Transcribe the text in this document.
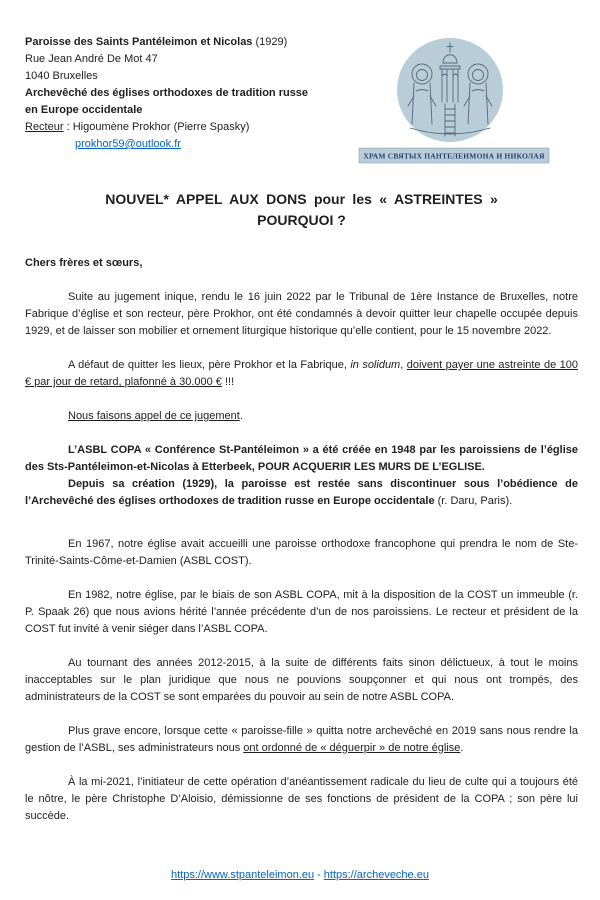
ХРАМ СВЯТЫХ ПАНТЕЛЕИМОНА И НИКОЛАЯ
Paroisse des Saints Pantéleimon et Nicolas (1929)
Rue Jean André De Mot 47
1040 Bruxelles
Archevêché des églises orthodoxes de tradition russe
en Europe occidentale
Recteur : Higoumène Prokhor (Pierre Spasky)
prokhor59@outlook.fr
NOUVEL* APPEL AUX DONS pour les « ASTREINTES »
POURQUOI ?

Chers frères et sœurs,

Suite au jugement inique, rendu le 16 juin 2022 par le Tribunal de 1ère Instance de Bruxelles, notre Fabrique d’église et son recteur, père Prokhor, ont été condamnés à devoir quitter leur chapelle occupée depuis 1929, et de laisser son mobilier et ornement liturgique historique qu’elle contient, pour le 15 novembre 2022.

A défaut de quitter les lieux, père Prokhor et la Fabrique, in solidum, doivent payer une astreinte de 100 € par jour de retard, plafonné à 30.000 € !!!

Nous faisons appel de ce jugement.

L’ASBL COPA « Conférence St-Pantéleimon » a été créée en 1948 par les paroissiens de l’église des Sts-Pantéleimon-et-Nicolas à Etterbeek, POUR ACQUERIR LES MURS DE L’EGLISE.

Depuis sa création (1929), la paroisse est restée sans discontinuer sous l’obédience de l’Archevêché des églises orthodoxes de tradition russe en Europe occidentale (r. Daru, Paris).

En 1967, notre église avait accueilli une paroisse orthodoxe francophone qui prendra le nom de Ste-Trinité-Saints-Côme-et-Damien (ASBL COST).

En 1982, notre église, par le biais de son ASBL COPA, mit à la disposition de la COST un immeuble (r. P. Spaak 26) que nous avions hérité l’année précédente d’un de nos paroissiens. Le recteur et président de la COST fut invité à venir siéger dans l’ASBL COPA.

Au tournant des années 2012-2015, à la suite de différents faits sinon délictueux, à tout le moins inacceptables sur le plan juridique que nous ne pouvions soupçonner et qui nous ont trompés, des administrateurs de la COST se sont emparées du pouvoir au sein de notre ASBL COPA.

Plus grave encore, lorsque cette « paroisse-fille » quitta notre archevêché en 2019 sans nous rendre la gestion de l’ASBL, ses administrateurs nous ont ordonné de « déguerpir » de notre église.

À la mi-2021, l’initiateur de cette opération d’anéantissement radicale du lieu de culte qui a toujours été le nôtre, le père Christophe D’Aloisio, démissionne de ses fonctions de président de la COPA ; son père lui succède.

https://www.stpanteleimon.eu - https://archeveche.eu
